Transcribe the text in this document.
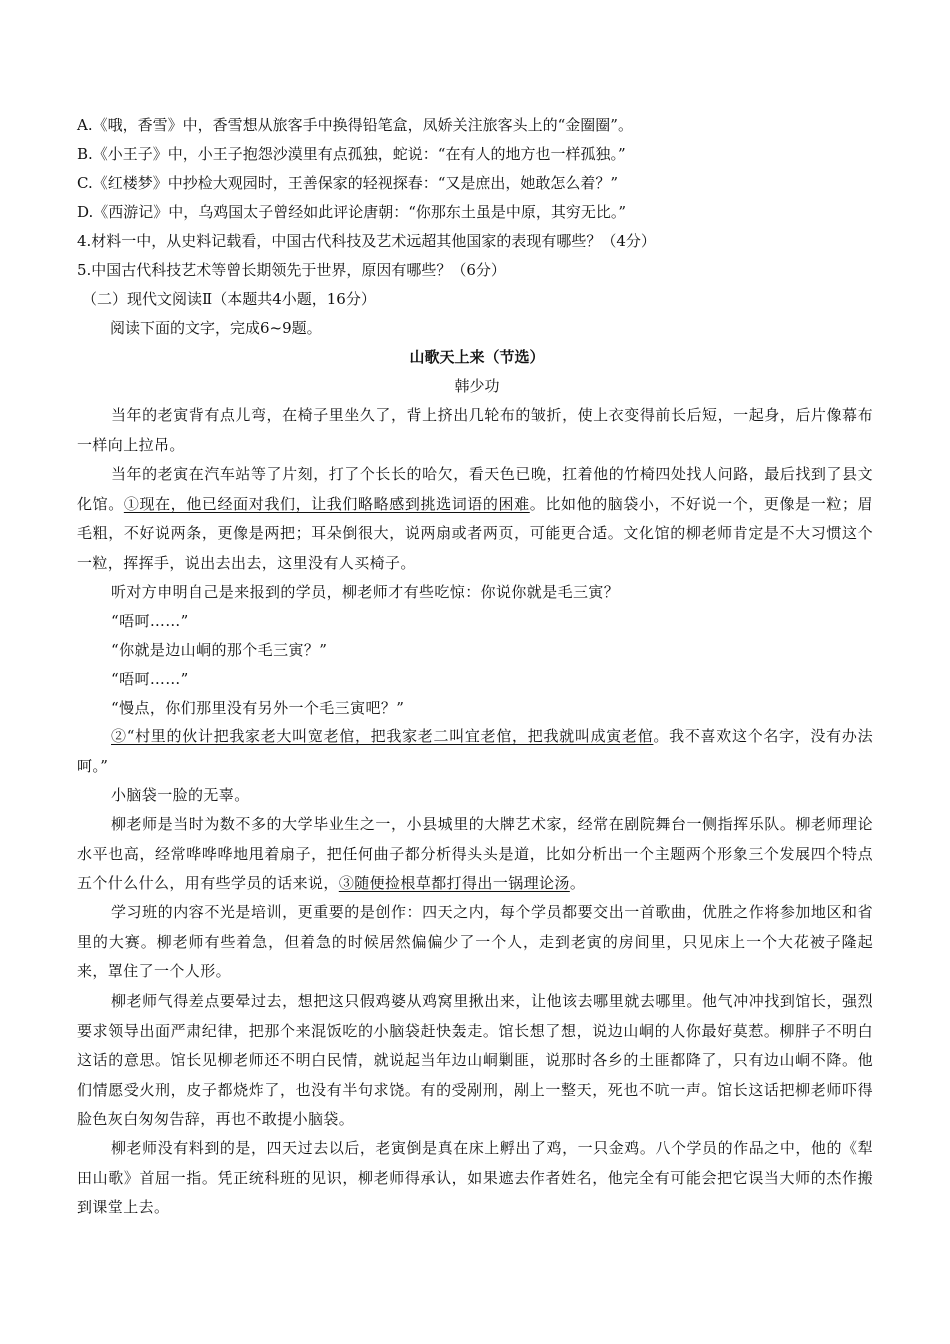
A.《哦，香雪》中，香雪想从旅客手中换得铅笔盒，凤娇关注旅客头上的“金圈圈”。
B.《小王子》中，小王子抱怨沙漠里有点孤独，蛇说：“在有人的地方也一样孤独。”
C.《红楼梦》中抄检大观园时，王善保家的轻视探春：“又是庶出，她敢怎么着？”
D.《西游记》中，乌鸡国太子曾经如此评论唐朝：“你那东土虽是中原，其穷无比。”
4.材料一中，从史料记载看，中国古代科技及艺术远超其他国家的表现有哪些？（4分）
5.中国古代科技艺术等曾长期领先于世界，原因有哪些？（6分）
（二）现代文阅读Ⅱ（本题共4小题，16分）
阅读下面的文字，完成6~9题。
山歌天上来（节选）
韩少功
当年的老寅背有点儿弯，在椅子里坐久了，背上挤出几轮布的皱折，使上衣变得前长后短，一起身，后片像幕布一样向上拉吊。
当年的老寅在汽车站等了片刻，打了个长长的哈欠，看天色已晚，扛着他的竹椅四处找人问路，最后找到了县文化馆。①现在，他已经面对我们，让我们略略感到挑选词语的困难。比如他的脑袋小，不好说一个，更像是一粒；眉毛粗，不好说两条，更像是两把；耳朵倒很大，说两扇或者两页，可能更合适。文化馆的柳老师肯定是不大习惯这个一粒，挥挥手，说出去出去，这里没有人买椅子。
听对方申明自己是来报到的学员，柳老师才有些吃惊：你说你就是毛三寅？
“唔呵……”
“你就是边山峒的那个毛三寅？”
“唔呵……”
“慢点，你们那里没有另外一个毛三寅吧？”
②“村里的伙计把我家老大叫宽老倌，把我家老二叫宜老倌，把我就叫成寅老倌。我不喜欢这个名字，没有办法呵。”
小脑袋一脸的无辜。
柳老师是当时为数不多的大学毕业生之一，小县城里的大牌艺术家，经常在剧院舞台一侧指挥乐队。柳老师理论水平也高，经常哗哗哗地甩着扇子，把任何曲子都分析得头头是道，比如分析出一个主题两个形象三个发展四个特点五个什么什么，用有些学员的话来说，③随便捡根草都打得出一锅理论汤。
学习班的内容不光是培训，更重要的是创作：四天之内，每个学员都要交出一首歌曲，优胜之作将参加地区和省里的大赛。柳老师有些着急，但着急的时候居然偏偏少了一个人，走到老寅的房间里，只见床上一个大花被子隆起来，罩住了一个人形。
柳老师气得差点要晕过去，想把这只假鸡婆从鸡窝里揪出来，让他该去哪里就去哪里。他气冲冲找到馆长，强烈要求领导出面严肃纪律，把那个来混饭吃的小脑袋赶快轰走。馆长想了想，说边山峒的人你最好莫惹。柳胖子不明白这话的意思。馆长见柳老师还不明白民情，就说起当年边山峒剿匪，说那时各乡的土匪都降了，只有边山峒不降。他们情愿受火刑，皮子都烧炸了，也没有半句求饶。有的受剐刑，剐上一整天，死也不吭一声。馆长这话把柳老师吓得脸色灰白匆匆告辞，再也不敢提小脑袋。
柳老师没有料到的是，四天过去以后，老寅倒是真在床上孵出了鸡，一只金鸡。八个学员的作品之中，他的《犁田山歌》首屈一指。凭正统科班的见识，柳老师得承认，如果遮去作者姓名，他完全有可能会把它误当大师的杰作搬到课堂上去。
